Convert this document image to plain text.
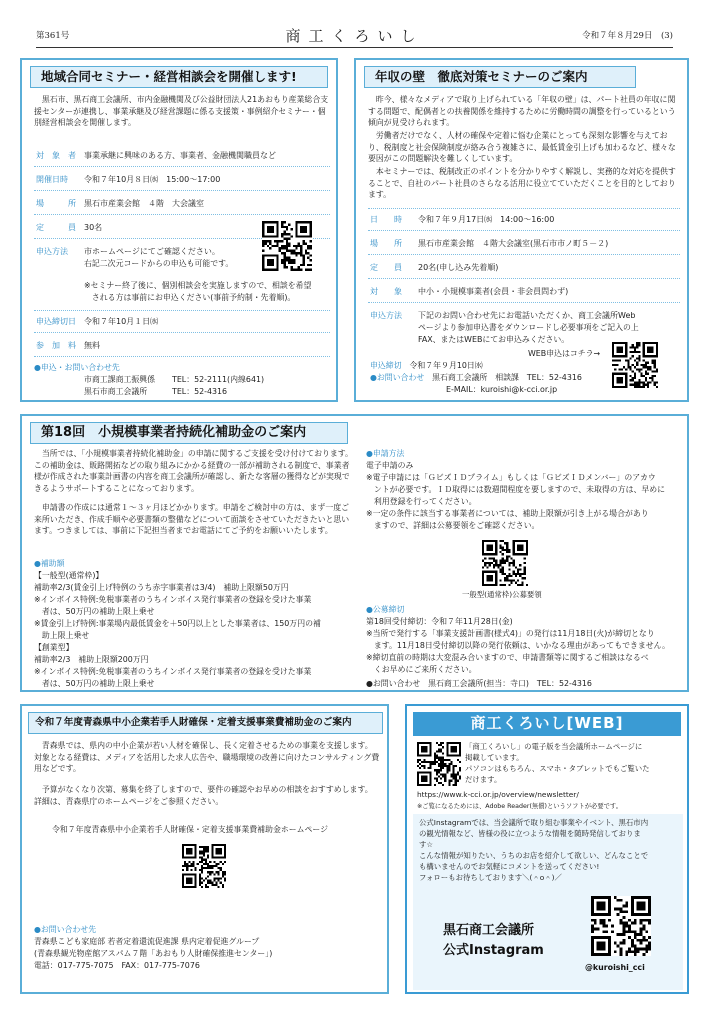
第361号	商工くろいし	令和７年８月29日　(3)
地域合同セミナー・経営相談会を開催します!
黒石市、黒石商工会議所、市内金融機関及び公益財団法人21あおもり産業総合支援センターが連携し、事業承継及び経営課題に係る支援策・事例紹介セミナー・個別経営相談会を開催します。
対　象　者 事業承継に興味のある方、事業者、金融機関職員など
開催日時 令和７年10月８日㈬　15:00～17:00
場　　　所 黒石市産業会館　４階　大会議室
定　　　員 30名
申込方法 市ホームページにてご確認ください。
右記二次元コードからの申込も可能です。
※セミナー終了後に、個別相談会を実施しますので、相談を希望
　される方は事前にお申込ください(事前予約制・先着順)。
申込締切日 令和７年10月１日㈬
参　加　料 無料
●申込・お問い合わせ先
市商工課商工振興係 TEL：52-2111(内線641)
黒石市商工会議所	TEL：52-4316
年収の壁　徹底対策セミナーのご案内
昨今、様々なメディアで取り上げられている「年収の壁」は、パート社員の年収に関する問題で、配偶者との扶養関係を維持するために労働時間の調整を行っているという傾向が見受けられます。
労働者だけでなく、人材の確保や定着に悩む企業にとっても深刻な影響を与えており、税制度と社会保険制度が絡み合う複雑さに、最低賃金引上げも加わるなど、様々な要因がこの問題解決を難しくしています。
本セミナーでは、税制改正のポイントを分かりやすく解説し、実務的な対応を提供することで、自社のパート社員のさらなる活用に役立てていただくことを目的としております。
日　　時 令和７年９月17日㈬　14:00～16:00
場　　所 黒石市産業会館　４階大会議室(黒石市市ノ町５－２)
定　　員 20名(申し込み先着順)
対　　象 中小・小規模事業者(会員・非会員問わず)
申込方法 下記のお問い合わせ先にお電話いただくか、商工会議所Web
ページより参加申込書をダウンロードし必要事項をご記入の上
FAX、またはWEBにてお申込みください。
WEB申込はコチラ→
申込締切　 令和７年９月10日㈬
●お問い合わせ　 黒石商工会議所　相談課　TEL：52-4316
E-MAIL：kuroishi@k-cci.or.jp
第18回　小規模事業者持続化補助金のご案内
当所では、「小規模事業者持続化補助金」の申請に関するご支援を受け付けております。この補助金は、販路開拓などの取り組みにかかる経費の一部が補助される制度で、事業者様が作成された事業計画書の内容を商工会議所が確認し、新たな客層の獲得などが実現できるようサポートすることになっております。
申請書の作成には通常１～３ヶ月ほどかかります。申請をご検討中の方は、まず一度ご来所いただき、作成手順や必要書類の整備などについて面談をさせていただきたいと思います。つきましては、事前に下記担当者までお電話にてご予約をお願いいたします。
●補助額
【一般型(通常枠)】
補助率2/3(賃金引上げ特例のうち赤字事業者は3/4)　補助上限額50万円
※インボイス特例:免税事業者のうちインボイス発行事業者の登録を受けた事業
　者は、50万円の補助上限上乗せ
※賃金引上げ特例:事業場内最低賃金を＋50円以上とした事業者は、150万円の補
　助上限上乗せ
【創業型】
補助率2/3　補助上限額200万円
※インボイス特例:免税事業者のうちインボイス発行事業者の登録を受けた事業
　者は、50万円の補助上限上乗せ
●申請方法
電子申請のみ
※電子申請には「ＧビズＩＤプライム」もしくは「ＧビズＩＤメンバー」のアカウ
　ントが必要です。ＩＤ取得には数週間程度を要しますので、未取得の方は、早めに
　利用登録を行ってください。
※一定の条件に該当する事業者については、補助上限額が引き上がる場合があり
　ますので、詳細は公募要領をご確認ください。
一般型(通常枠)公募要領
●公募締切
第18回受付締切：令和７年11月28日(金)
※当所で発行する「事業支援計画書(様式4)」の発行は11月18日(火)が締切となり
　ます。11月18日受付締切以降の発行依頼は、いかなる理由があってもできません。
※締切直前の時期は大変混み合いますので、申請書類等に関するご相談はなるべ
　くお早めにご来所ください。
●お問い合わせ　黒石商工会議所(担当：寺口)　TEL：52-4316
令和７年度青森県中小企業若手人財確保・定着支援事業費補助金のご案内
青森県では、県内の中小企業が若い人材を確保し、長く定着させるための事業を支援します。対象となる経費は、メディアを活用した求人広告や、職場環境の改善に向けたコンサルティング費用などです。
予算がなくなり次第、募集を終了しますので、要件の確認やお早めの相談をおすすめします。詳細は、青森県庁のホームページをご参照ください。
令和７年度青森県中小企業若手人財確保・定着支援事業費補助金ホームページ
●お問い合わせ先
青森県こども家庭部 若者定着還流促進課 県内定着促進グループ
(青森県観光物産館アスパム７階「あおもり人財確保推進センター」)
電話：017-775-7075　FAX：017-775-7076
商工くろいし[WEB]
「商工くろいし」の電子版を当会議所ホームページに
掲載しています。
パソコンはもちろん、スマホ・タブレットでもご覧いた
だけます。
https://www.k-cci.or.jp/overview/newsletter/
※ご覧になるためには、Adobe Reader(無償)というソフトが必要です。
公式Instagramでは、当会議所で取り組む事業やイベント、黒石市内
の観光情報など、皆様の役に立つような情報を随時発信しておりま
す☆
こんな情報が知りたい、うちのお店を紹介して欲しい、どんなことで
も構いませんのでお気軽にコメントを送ってください!
フォローもお待ちしております＼(＾o＾)／
黒石商工会議所
公式Instagram
@kuroishi_cci
